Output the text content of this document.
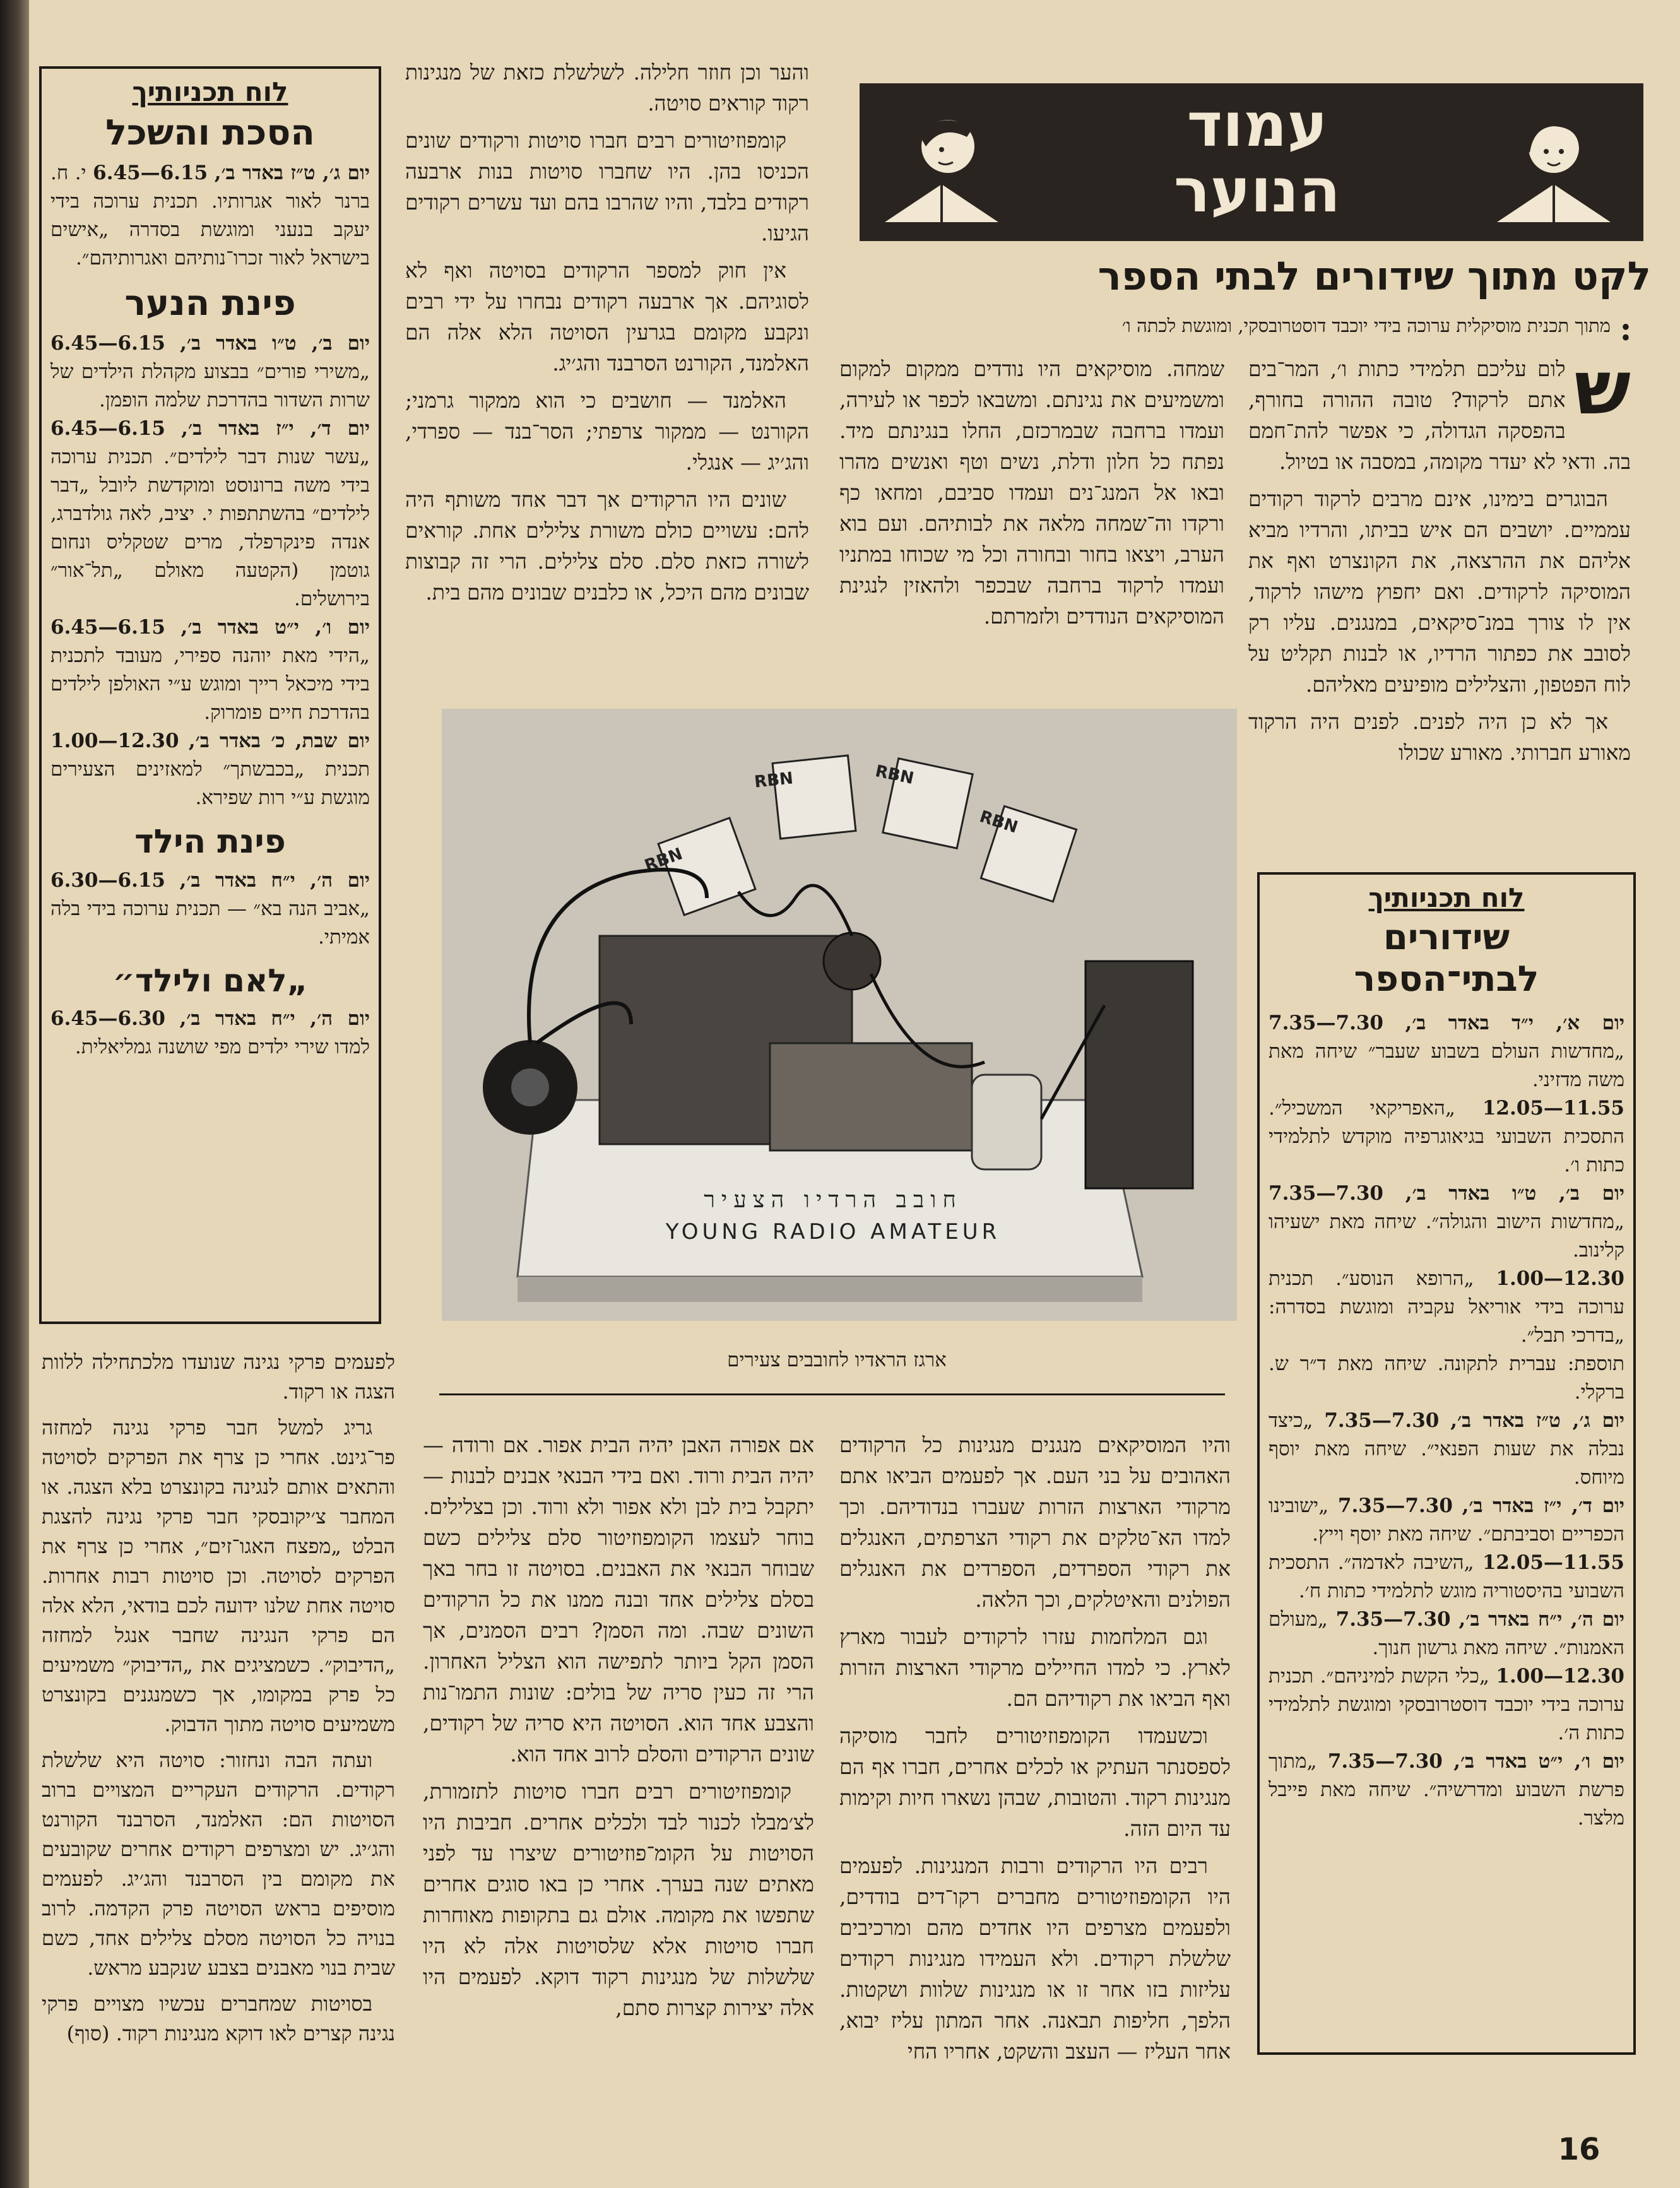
עמוד
הנוער
לקט מתוך שידורים לבתי הספר
:
מתוך תכנית מוסיקלית ערוכה בידי יוכבד דוסטרובסקי, ומוגשת לכתה ו׳
ש

לום עליכם תלמידי כתות ו׳, המר־בים אתם לרקוד? טובה ההורה בחורף, בהפסקה הגדולה, כי אפשר להת־חמם בה. ודאי לא יעדר מקומה, במסבה או בטיול.

הבוגרים בימינו, אינם מרבים לרקוד רקודים עממיים. יושבים הם איש בביתו, והרדיו מביא אליהם את ההרצאה, את הקונצרט ואף את המוסיקה לרקודים. ואם יחפוץ מישהו לרקוד, אין לו צורך במנ־סיקאים, במנגנים. עליו רק לסובב את כפתור הרדיו, או לבנות תקליט על לוח הפטפון, והצלילים מופיעים מאליהם.

אך לא כן היה לפנים. לפנים היה הרקוד מאורע חברותי. מאורע שכולו

שמחה. מוסיקאים היו נודדים ממקום למקום ומשמיעים את נגינתם. ומשבאו לכפר או לעירה, ועמדו ברחבה שבמרכזם, החלו בנגינתם מיד. נפתח כל חלון ודלת, נשים וטף ואנשים מהרו ובאו אל המנג־נים ועמדו סביבם, ומחאו כף ורקדו וה־שמחה מלאה את לבותיהם. ועם בוא הערב, ויצאו בחור ובחורה וכל מי שכוחו במתניו ועמדו לרקוד ברחבה שבכפר ולהאזין לנגינת המוסיקאים הנודדים ולזמרתם.

והער וכן חוזר חלילה. לשלשלת כזאת של מנגינות רקוד קוראים סויטה.

קומפוזיטורים רבים חברו סויטות ורקודים שונים הכניסו בהן. היו שחברו סויטות בנות ארבעה רקודים בלבד, והיו שהרבו בהם ועד עשרים רקודים הגיעו.

אין חוק למספר הרקודים בסויטה ואף לא לסוגיהם. אך ארבעה רקודים נבחרו על ידי רבים ונקבע מקומם בגרעין הסויטה הלא אלה הם האלמנד, הקורנט הסרבנד והג׳יג.

האלמנד — חושבים כי הוא ממקור גרמני; הקורנט — ממקור צרפתי; הסר־בנד — ספרדי, והג׳יג — אנגלי.

שונים היו הרקודים אך דבר אחד משותף היה להם: עשויים כולם משורת צלילים אחת. קוראים לשורה כזאת סלם. סלם צלילים. הרי זה קבוצות שבונים מהם היכל, או כלבנים שבונים מהם בית.

RBN
RBN	RBN
RBN
חובב הרדיו הצעיר
YOUNG RADIO AMATEUR
ארגז הראדיו לחובבים צעירים

והיו המוסיקאים מנגנים מנגינות כל הרקודים האהובים על בני העם. אך לפעמים הביאו אתם מרקודי הארצות הזרות שעברו בנדודיהם. וכך למדו הא־טלקים את רקודי הצרפתים, האנגלים את רקודי הספרדים, הספרדים את האנגלים הפולנים והאיטלקים, וכך הלאה.

וגם המלחמות עזרו לרקודים לעבור מארץ לארץ. כי למדו החיילים מרקודי הארצות הזרות ואף הביאו את רקודיהם הם.

וכשעמדו הקומפוזיטורים לחבר מוסיקה לספסנתר העתיק או לכלים אחרים, חברו אף הם מנגינות רקוד. והטובות, שבהן נשארו חיות וקימות עד היום הזה.

רבים היו הרקודים ורבות המנגינות. לפעמים היו הקומפוזיטורים מחברים רקו־דים בודדים, ולפעמים מצרפים היו אחדים מהם ומרכיבים שלשלת רקודים. ולא העמידו מנגינות רקודים עליזות בזו אחר זו או מנגינות שלוות ושקטות. הלפך, חליפות תבאנה. אחר המתון עליז יבוא, אחר העליז — העצב והשקט, אחריו החי

אם אפורה האבן יהיה הבית אפור. אם ורודה — יהיה הבית ורוד. ואם בידי הבנאי אבנים לבנות — יתקבל בית לבן ולא אפור ולא ורוד. וכן בצלילים. בוחר לעצמו הקומפוזיטור סלם צלילים כשם שבוחר הבנאי את האבנים. בסויטה זו בחר באך בסלם צלילים אחד ובנה ממנו את כל הרקודים השונים שבה. ומה הסמן? רבים הסמנים, אך הסמן הקל ביותר לתפישה הוא הצליל האחרון. הרי זה כעין סריה של בולים: שונות התמו־נות והצבע אחד הוא. הסויטה היא סריה של רקודים, שונים הרקודים והסלם לרוב אחד הוא.

קומפוזיטורים רבים חברו סויטות לתזמורת, לצ׳מבלו לכנור לבד ולכלים אחרים. חביבות היו הסויטות על הקומ־פוזיטורים שיצרו עד לפני מאתים שנה בערך. אחרי כן באו סוגים אחרים שתפשו את מקומה. אולם גם בתקופות מאוחרות חברו סויטות אלא שלסויטות אלה לא היו שלשלות של מנגינות רקוד דוקא. לפעמים היו אלה יצירות קצרות סתם,

לפעמים פרקי נגינה שנועדו מלכתחילה ללוות הצגה או רקוד.

גריג למשל חבר פרקי נגינה למחזה פר־גינט. אחרי כן צרף את הפרקים לסויטה והתאים אותם לנגינה בקונצרט בלא הצגה. או המחבר צ׳יקובסקי חבר פרקי נגינה להצגת הבלט „מפצח האגו־זים״, אחרי כן צרף את הפרקים לסויטה. וכן סויטות רבות אחרות. סויטה אחת שלנו ידועה לכם בודאי, הלא אלה הם פרקי הנגינה שחבר אנגל למחזה „הדיבוק״. כשמציגים את „הדיבוק״ משמיעים כל פרק במקומו, אך כשמנגנים בקונצרט משמיעים סויטה מתוך הדבוק.

ועתה הבה ונחזור: סויטה היא שלשלת רקודים. הרקודים העקריים המצויים ברוב הסויטות הם: האלמנד, הסרבנד הקורנט והג׳יג. יש ומצרפים רקודים אחרים שקובעים את מקומם בין הסרבנד והג׳יג. לפעמים מוסיפים בראש הסויטה פרק הקדמה. לרוב בנויה כל הסויטה מסלם צלילים אחד, כשם שבית בנוי מאבנים בצבע שנקבע מראש.

בסויטות שמחברים עכשיו מצויים פרקי נגינה קצרים לאו דוקא מנגינות רקוד. (סוף)

לוח תכניותיך
הסכת והשכל
יום ג׳, ט״ז באדר ב׳, 6.45—6.15 י. ח. ברנר לאור אגרותיו. תכנית ערוכה בידי יעקב בנעני ומוגשת בסדרה „אישים בישראל לאור זכרו־נותיהם ואגרותיהם״.
פינת הנער
יום ב׳, ט״ו באדר ב׳, 6.45—6.15 „משירי פורים״ בבצוע מקהלת הילדים של שרות השדור בהדרכת שלמה הופמן.
יום ד׳, י״ז באדר ב׳, 6.45—6.15 „עשר שנות דבר לילדים״. תכנית ערוכה בידי משה ברונוסט ומוקדשת ליובל „דבר לילדים״ בהשתתפות י. יציב, לאה גולדברג, אנדה פינקרפלד, מרים שטקליס ונחום גוטמן (הקטעה מאולם „תל־אור״ בירושלים.
יום ו׳, י״ט באדר ב׳, 6.45—6.15 „הידי מאת יוהנה ספירי, מעובד לתכנית בידי מיכאל רייך ומוגש ע״י האולפן לילדים בהדרכת חיים פומרוק.
יום שבת, כ׳ באדר ב׳, 1.00—12.30 תכנית „בכבשתך״ למאזינים הצעירים מוגשת ע״י רות שפירא.
פינת הילד
יום ה׳, י״ח באדר ב׳, 6.30—6.15 „אביב הנה בא״ — תכנית ערוכה בידי בלה אמיתי.
„לאם ולילד״
יום ה׳, י״ח באדר ב׳, 6.45—6.30 למדו שירי ילדים מפי שושנה גמליאלית.
לוח תכניותיך
שידורים
לבתי־הספר
יום א׳, י״ד באדר ב׳, 7.35—7.30 „מחדשות העולם בשבוע שעבר״ שיחה מאת משה מדזיני.
12.05—11.55 „האפריקאי המשכיל״. התסכית השבועי בגיאוגרפיה מוקדש לתלמידי כתות ו׳.
יום ב׳, ט״ו באדר ב׳, 7.35—7.30 „מחדשות הישוב והגולה״. שיחה מאת ישעיהו קלינוב.
1.00—12.30 „הרופא הנוסע״. תכנית ערוכה בידי אוריאל עקביה ומוגשת בסדרה: „בדרכי תבל״.
תוספת: עברית לתקונה. שיחה מאת ד״ר ש. ברקלי.
יום ג׳, ט״ז באדר ב׳, 7.35—7.30 „כיצד נבלה את שעות הפנאי״. שיחה מאת יוסף מיוחס.
יום ד׳, י״ז באדר ב׳, 7.35—7.30 „ישובינו הכפריים וסביבתם״. שיחה מאת יוסף וייץ.
12.05—11.55 „השיבה לאדמה״. התסכית השבועי בהיסטוריה מוגש לתלמידי כתות ח׳.
יום ה׳, י״ח באדר ב׳, 7.35—7.30 „מעולם האמנות״. שיחה מאת גרשון חנוך.
1.00—12.30 „כלי הקשת למיניהם״. תכנית ערוכה בידי יוכבד דוסטרובסקי ומוגשת לתלמידי כתות ה׳.
יום ו׳, י״ט באדר ב׳, 7.35—7.30 „מתוך פרשת השבוע ומדרשיה״. שיחה מאת פייבל מלצר.
16
